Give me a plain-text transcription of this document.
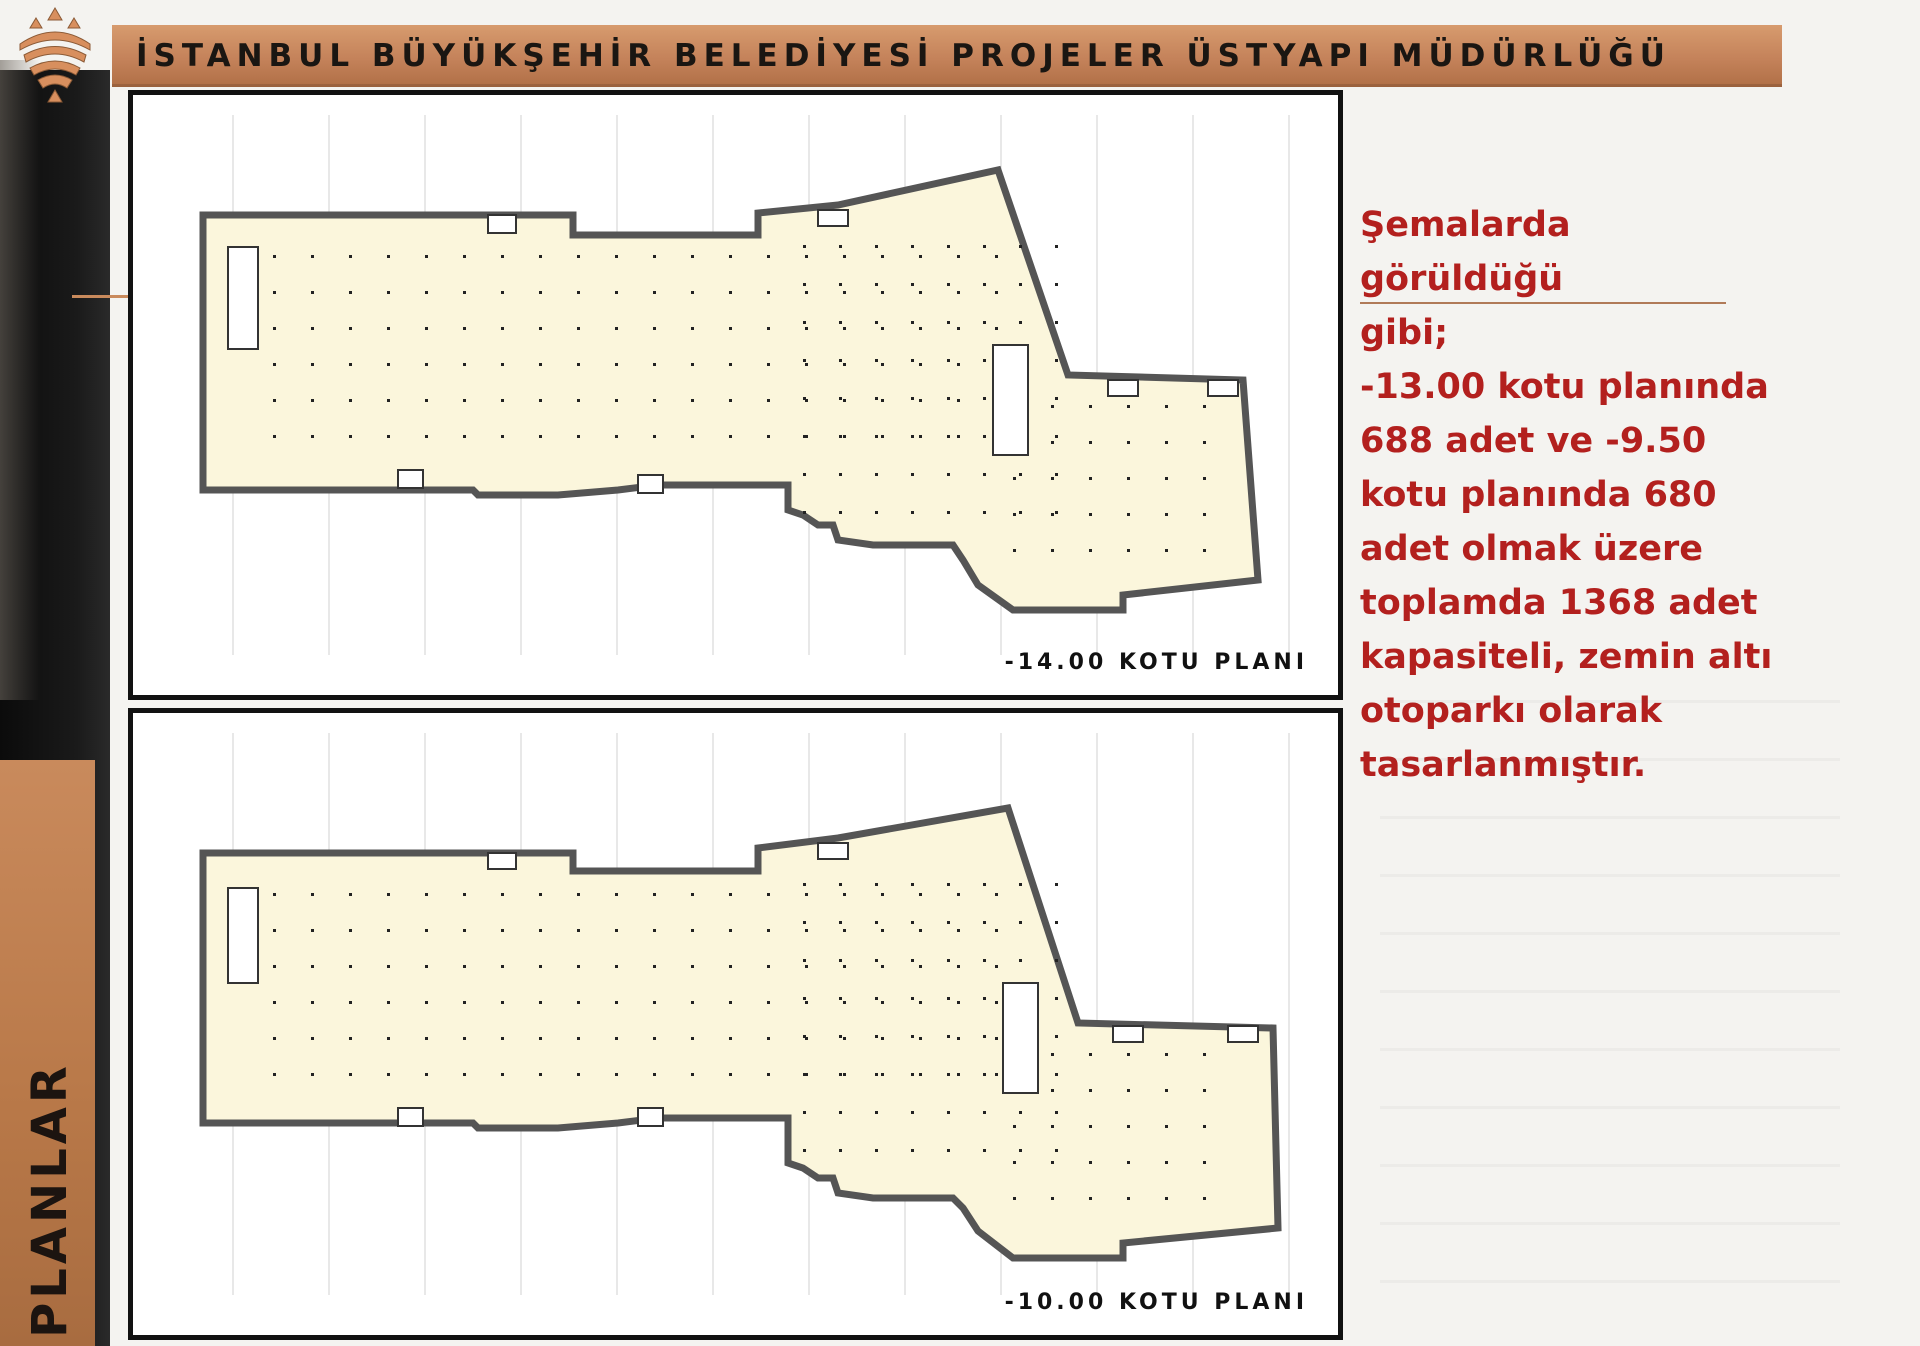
PLANLAR
İSTANBUL BÜYÜKŞEHİR BELEDİYESİ PROJELER ÜSTYAPI MÜDÜRLÜĞÜ
-14.00 KOTU PLANI
-10.00 KOTU PLANI

Şemalarda görüldüğü

gibi;

-13.00 kotu planında

688 adet ve -9.50

kotu planında 680

adet olmak üzere

toplamda 1368 adet

kapasiteli, zemin altı

otoparkı olarak

tasarlanmıştır.
